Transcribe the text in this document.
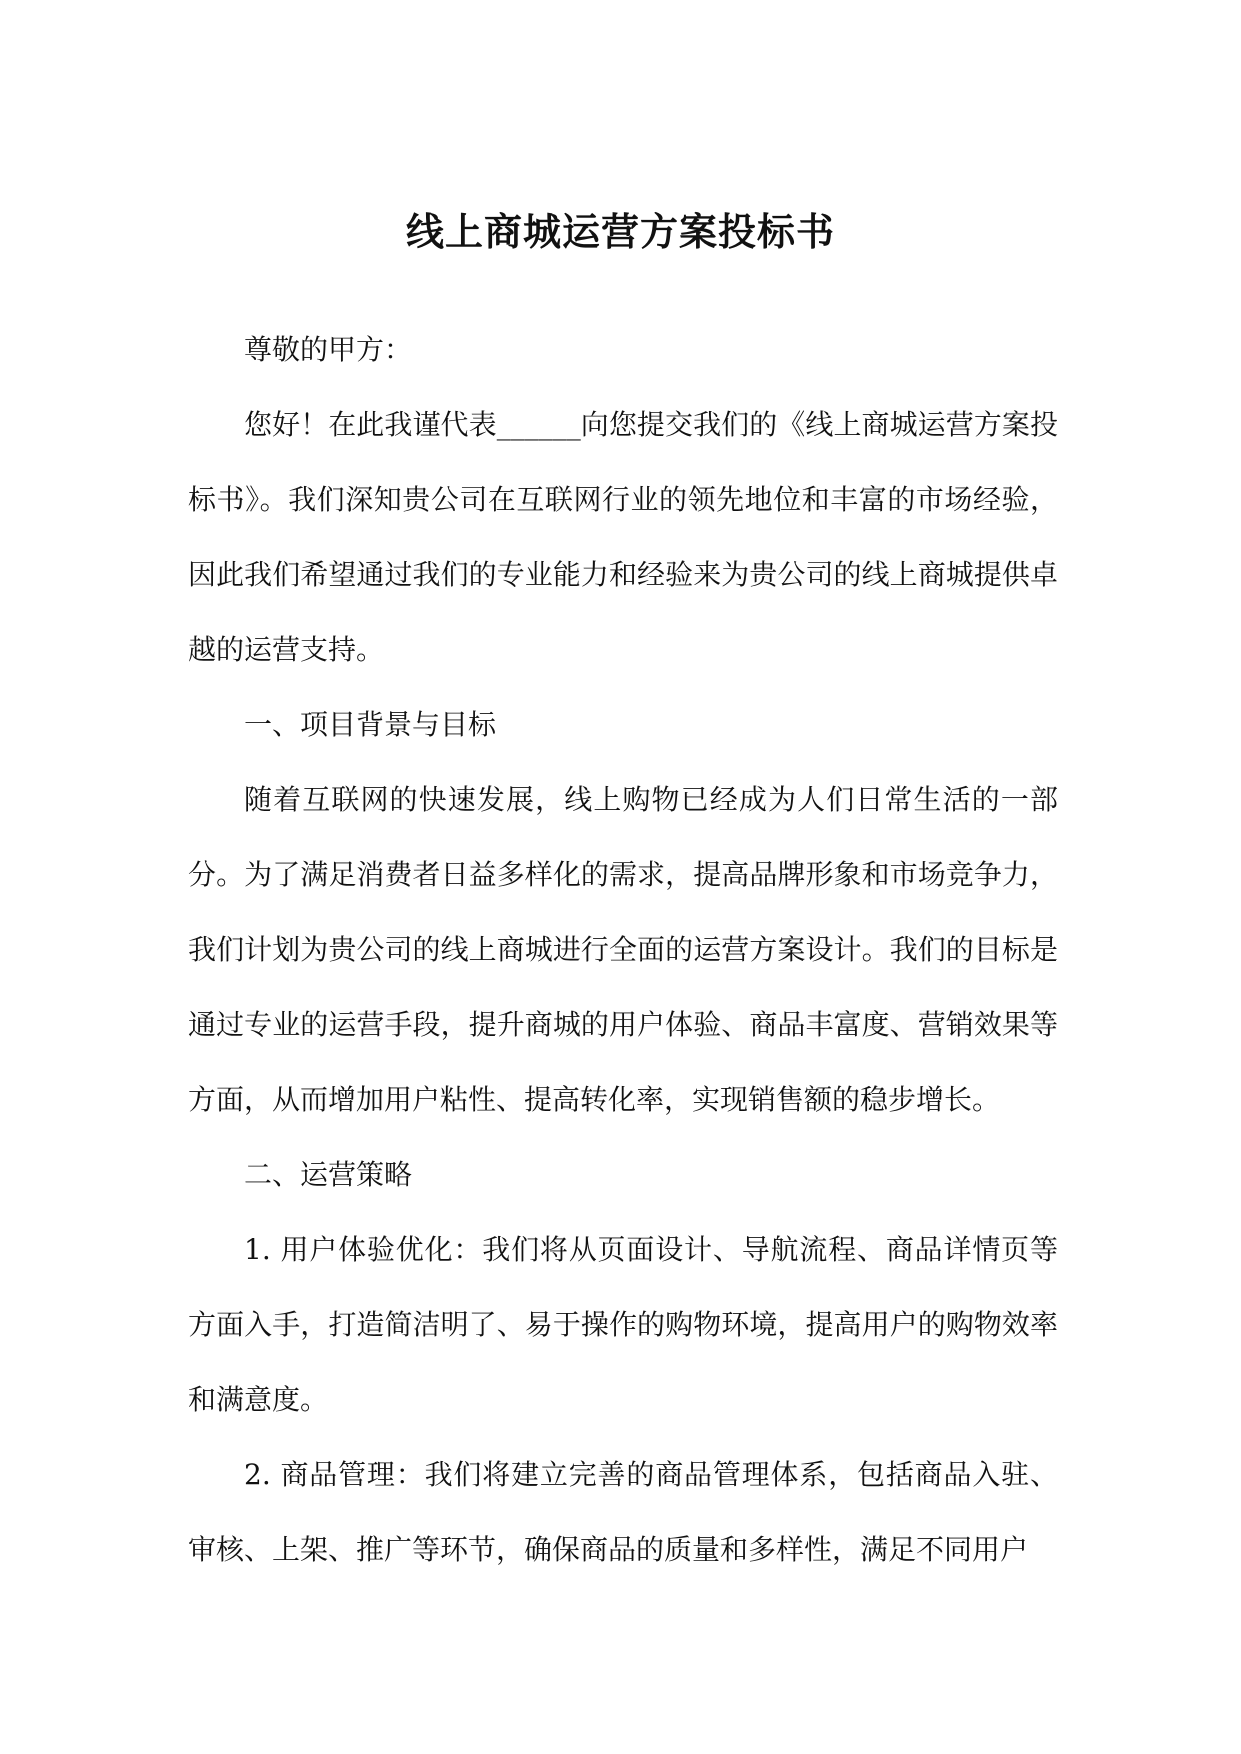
线上商城运营方案投标书

尊敬的甲方：

您好！在此我谨代表______向您提交我们的《线上商城运营方案投标书》。我们深知贵公司在互联网行业的领先地位和丰富的市场经验，因此我们希望通过我们的专业能力和经验来为贵公司的线上商城提供卓越的运营支持。

一、项目背景与目标

随着互联网的快速发展，线上购物已经成为人们日常生活的一部分。为了满足消费者日益多样化的需求，提高品牌形象和市场竞争力，我们计划为贵公司的线上商城进行全面的运营方案设计。我们的目标是通过专业的运营手段，提升商城的用户体验、商品丰富度、营销效果等方面，从而增加用户粘性、提高转化率，实现销售额的稳步增长。

二、运营策略

1. 用户体验优化：我们将从页面设计、导航流程、商品详情页等方面入手，打造简洁明了、易于操作的购物环境，提高用户的购物效率和满意度。

2. 商品管理：我们将建立完善的商品管理体系，包括商品入驻、审核、上架、推广等环节，确保商品的质量和多样性，满足不同用户
